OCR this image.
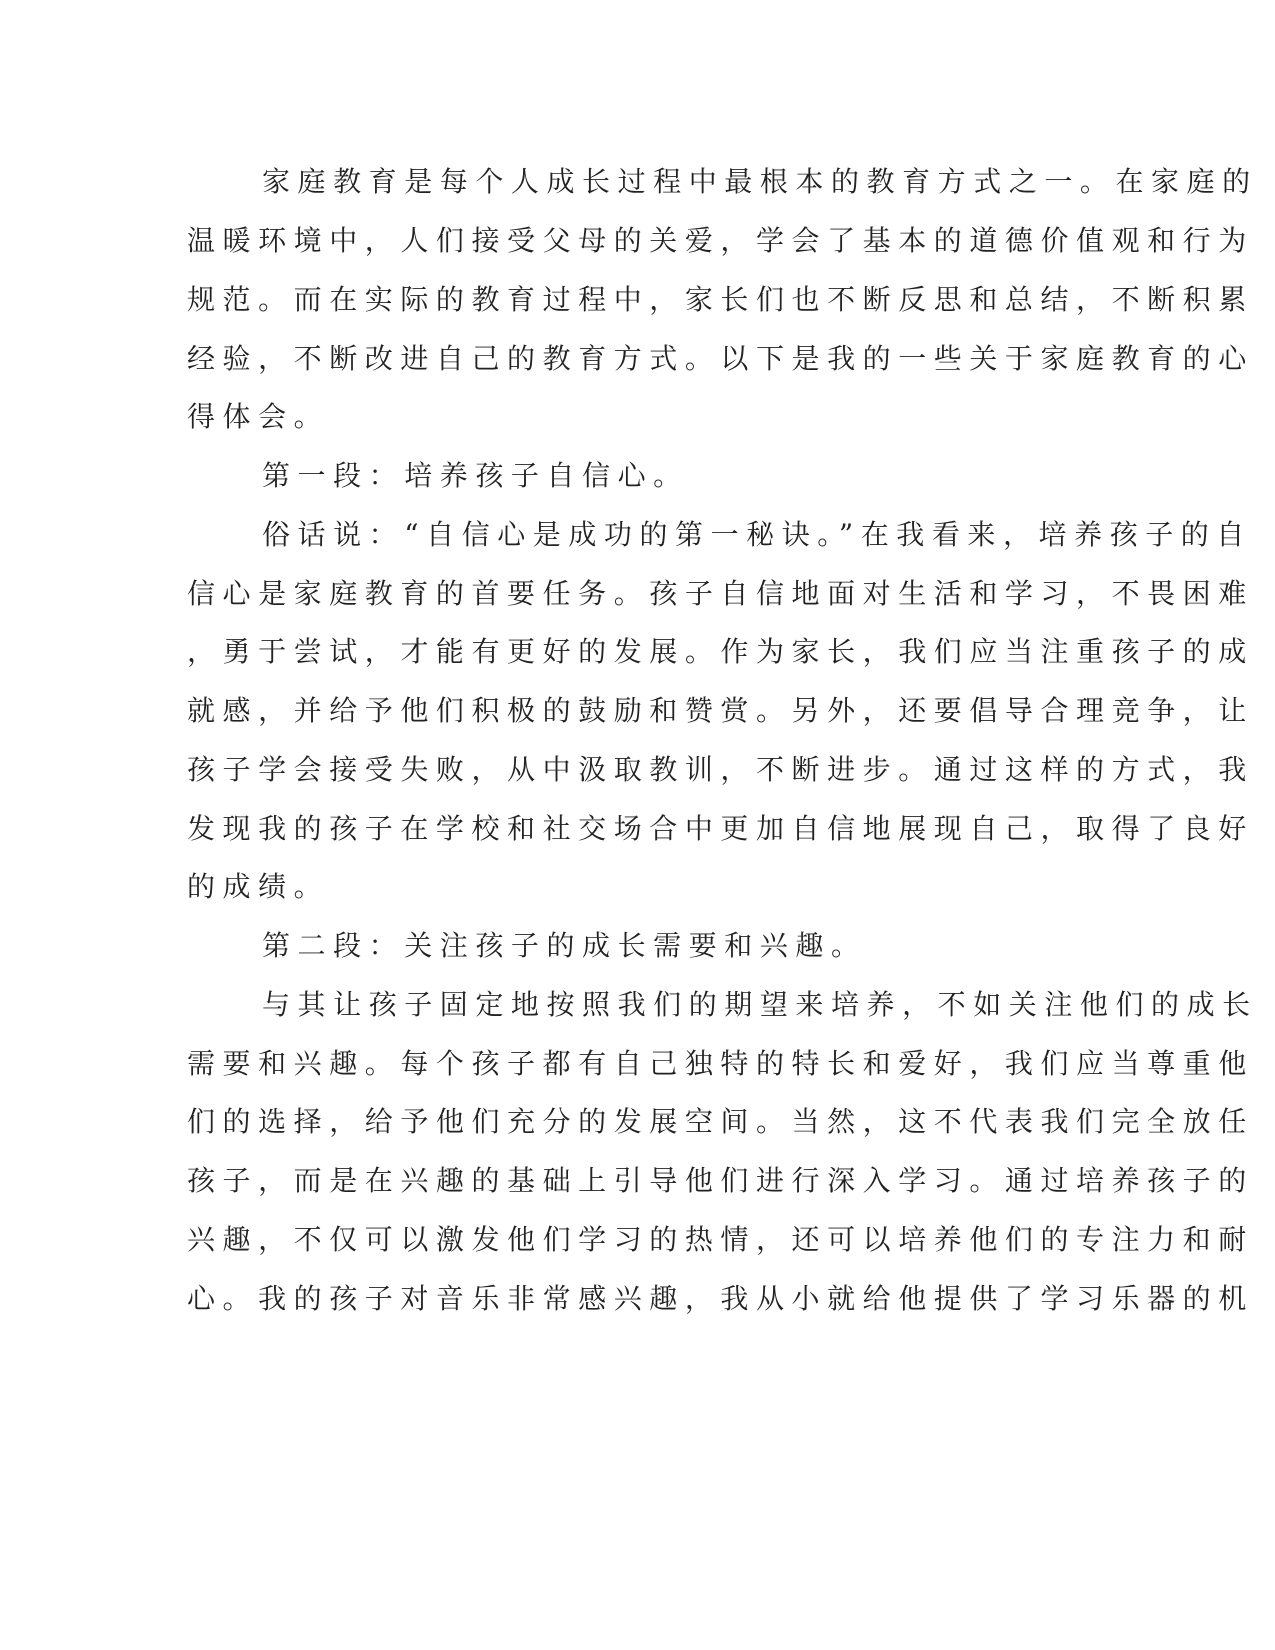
家庭教育是每个人成长过程中最根本的教育方式之一。在家庭的
温暖环境中，人们接受父母的关爱，学会了基本的道德价值观和行为
规范。而在实际的教育过程中，家长们也不断反思和总结，不断积累
经验，不断改进自己的教育方式。以下是我的一些关于家庭教育的心
得体会。
第一段：培养孩子自信心。
俗话说：“自信心是成功的第一秘诀。”在我看来，培养孩子的自
信心是家庭教育的首要任务。孩子自信地面对生活和学习，不畏困难
，勇于尝试，才能有更好的发展。作为家长，我们应当注重孩子的成
就感，并给予他们积极的鼓励和赞赏。另外，还要倡导合理竞争，让
孩子学会接受失败，从中汲取教训，不断进步。通过这样的方式，我
发现我的孩子在学校和社交场合中更加自信地展现自己，取得了良好
的成绩。
第二段：关注孩子的成长需要和兴趣。
与其让孩子固定地按照我们的期望来培养，不如关注他们的成长
需要和兴趣。每个孩子都有自己独特的特长和爱好，我们应当尊重他
们的选择，给予他们充分的发展空间。当然，这不代表我们完全放任
孩子，而是在兴趣的基础上引导他们进行深入学习。通过培养孩子的
兴趣，不仅可以激发他们学习的热情，还可以培养他们的专注力和耐
心。我的孩子对音乐非常感兴趣，我从小就给他提供了学习乐器的机
